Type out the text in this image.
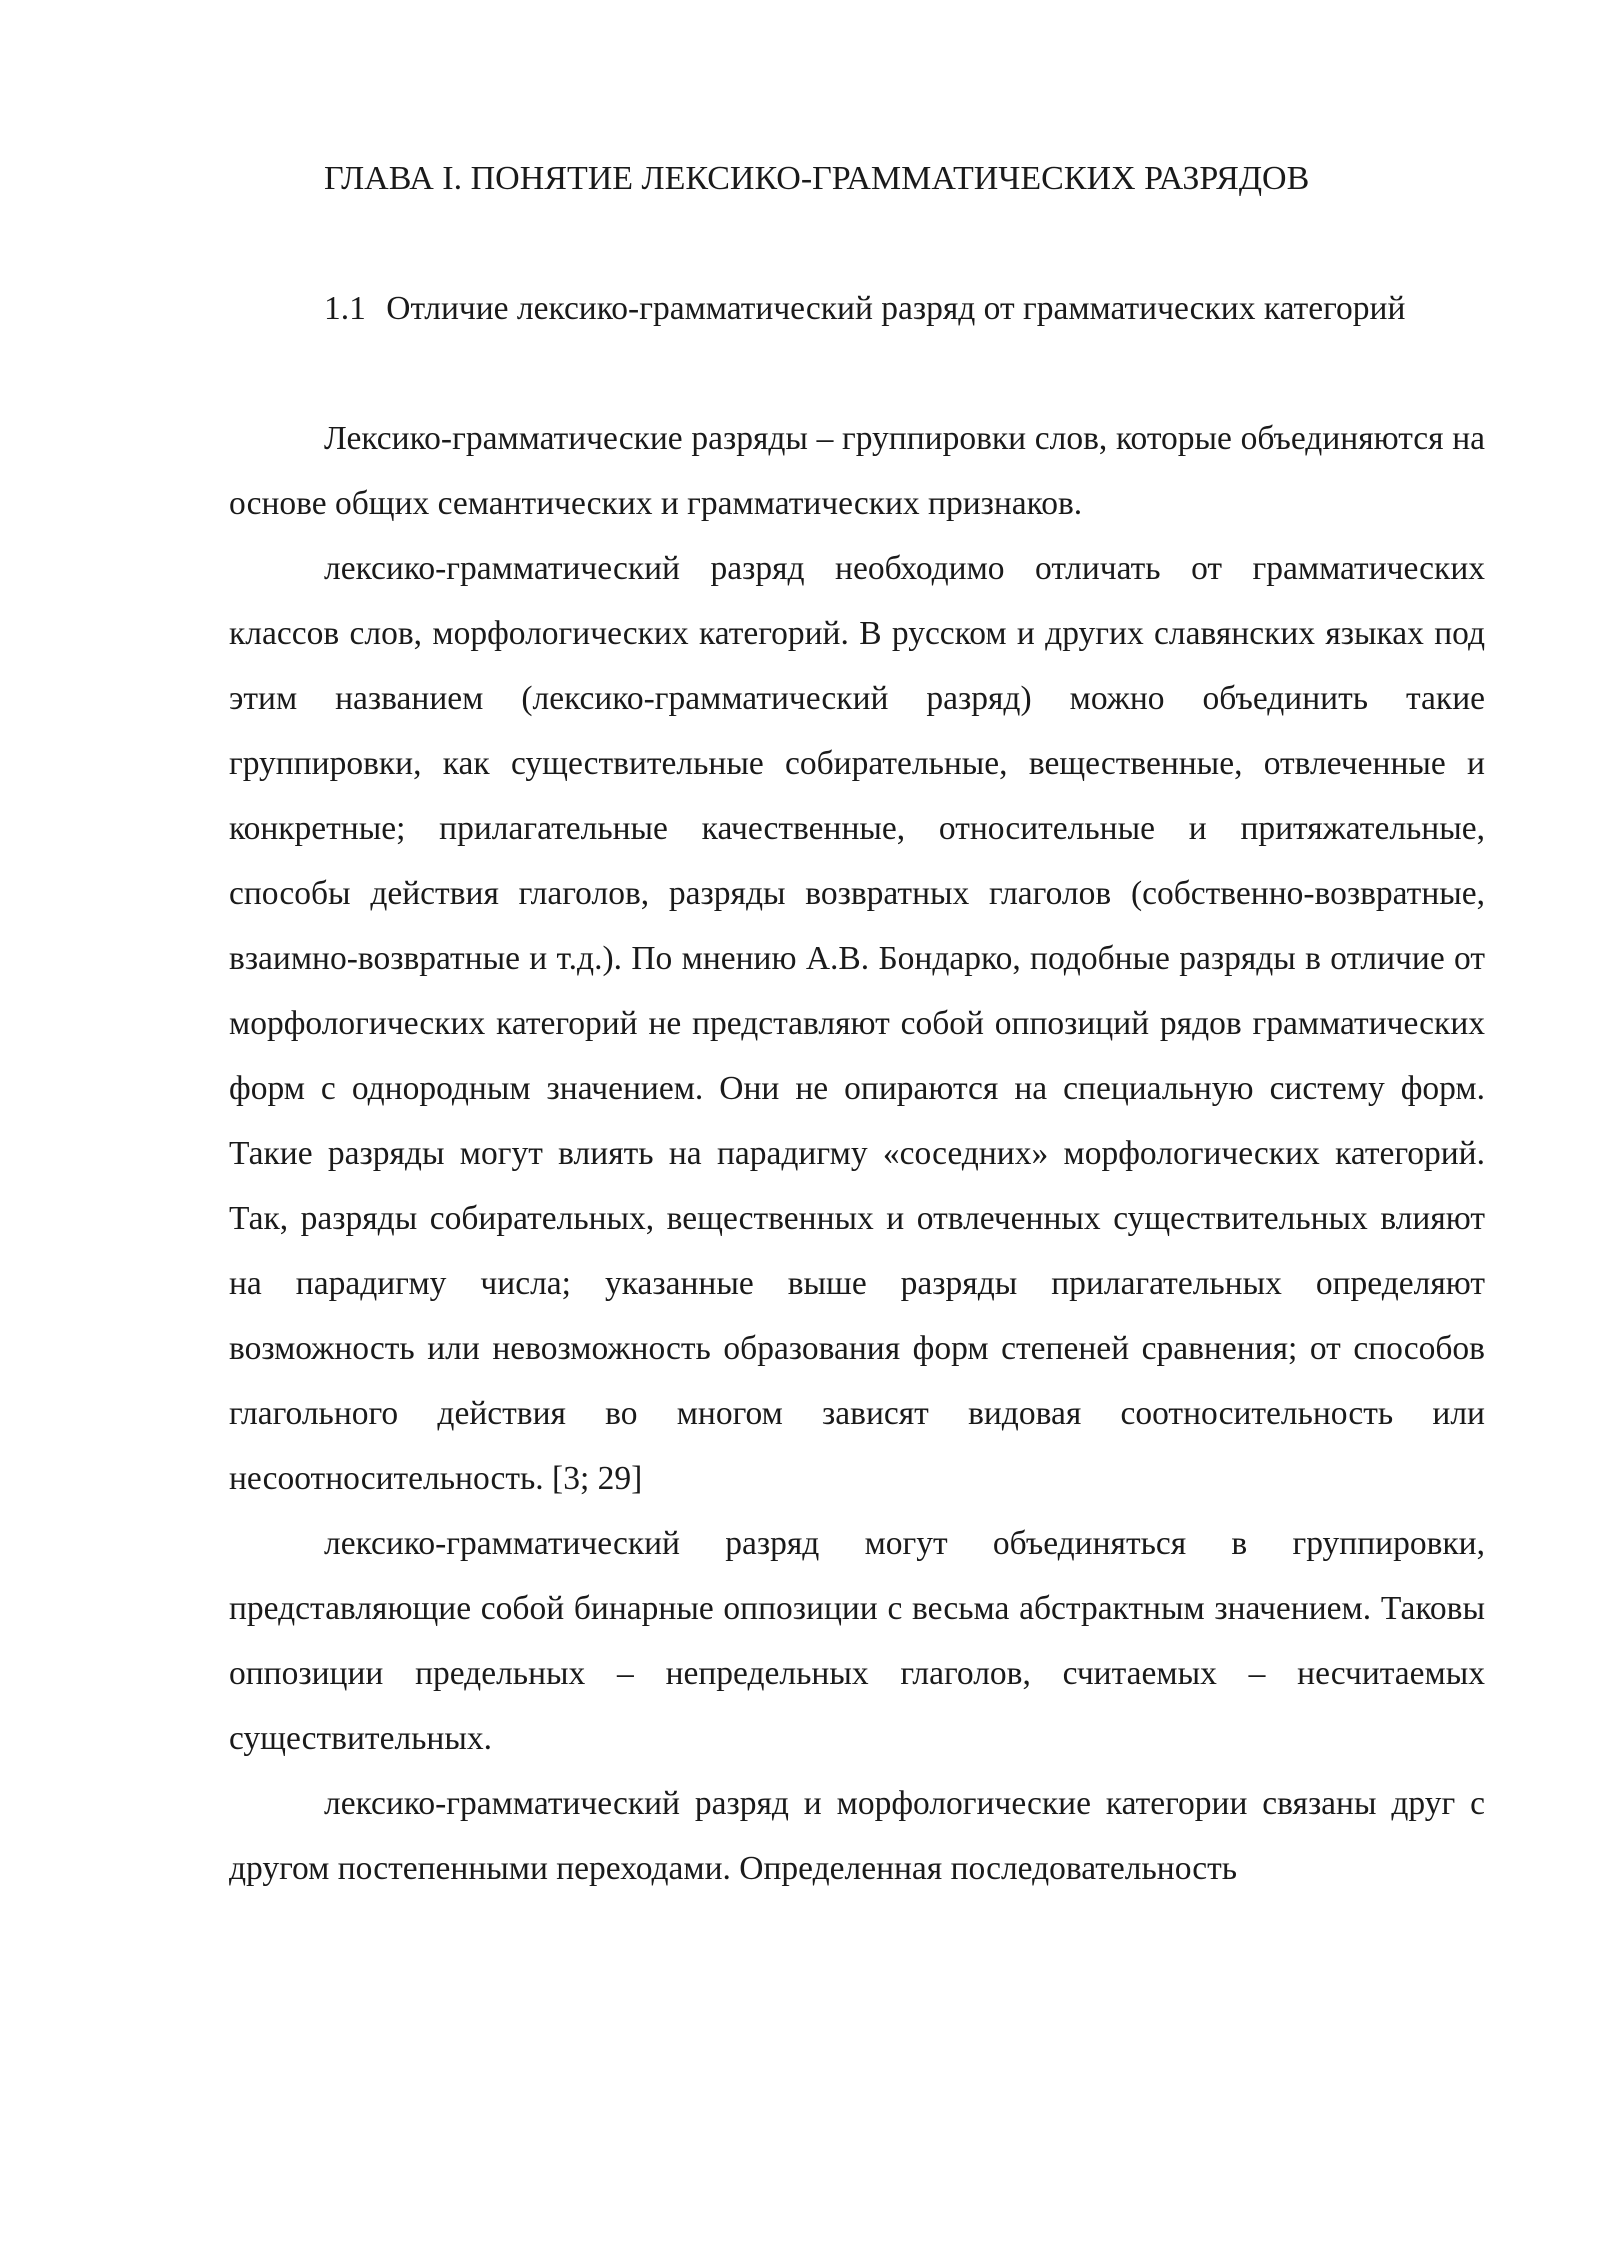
ГЛАВА I. ПОНЯТИЕ ЛЕКСИКО-ГРАММАТИЧЕСКИХ РАЗРЯДОВ
1.1 Отличие лексико-грамматический разряд от грамматических категорий

Лексико-грамматические разряды – группировки слов, которые объединяются на основе общих семантических и грамматических признаков.

лексико-грамматический разряд необходимо отличать от грамматических классов слов, морфологических категорий. В русском и других славянских языках под этим названием (лексико-грамматический разряд) можно объединить такие группировки, как существительные собирательные, вещественные, отвлеченные и конкретные; прилагательные качественные, относительные и притяжательные, способы действия глаголов, разряды возвратных глаголов (собственно-возвратные, взаимно-возвратные и т.д.). По мнению А.В. Бондарко, подобные разряды в отличие от морфологических категорий не представляют собой оппозиций рядов грамматических форм с однородным значением. Они не опираются на специальную систему форм. Такие разряды могут влиять на парадигму «соседних» морфологических категорий. Так, разряды собирательных, вещественных и отвлеченных существительных влияют на парадигму числа; указанные выше разряды прилагательных определяют возможность или невозможность образования форм степеней сравнения; от способов глагольного действия во многом зависят видовая соотносительность или несоотносительность. [3; 29]

лексико-грамматический разряд могут объединяться в группировки, представляющие собой бинарные оппозиции с весьма абстрактным значением. Таковы оппозиции предельных – непредельных глаголов, считаемых – несчитаемых существительных.

лексико-грамматический разряд и морфологические категории связаны друг с другом постепенными переходами. Определенная последовательность
